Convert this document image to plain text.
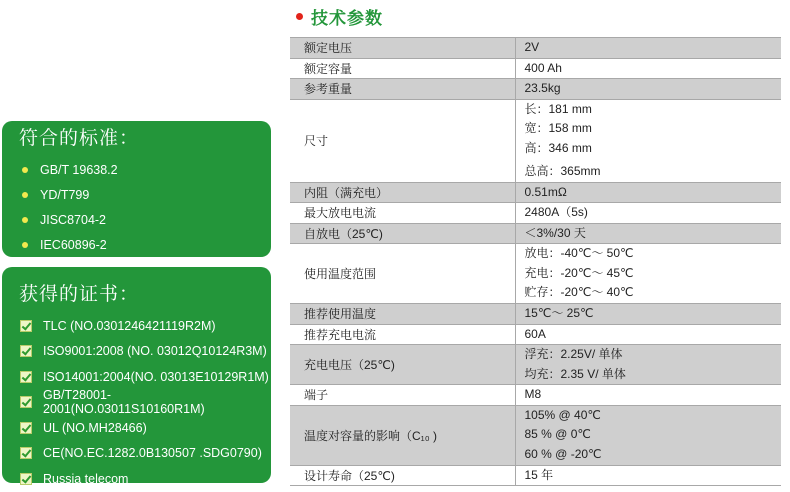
符合的标准：
GB/T 19638.2
YD/T799
JISC8704-2
IEC60896-2
获得的证书：
TLC (NO.0301246421119R2M)
ISO9001:2008 (NO. 03012Q10124R3M)
ISO14001:2004(NO. 03013E10129R1M)
GB/T28001-2001(NO.03011S10160R1M)
UL (NO.MH28466)
CE(NO.EC.1282.0B130507 .SDG0790)
Russia telecom
技术参数
额定电压	2V

额定容量	400 Ah

参考重量	23.5kg

尺寸	长：181 mm
宽：158 mm
高：346 mm
总高：365mm

内阻（满充电）	0.51mΩ

最大放电电流	2480A（5s)

自放电（25℃)	＜3%/30 天

使用温度范围	放电：-40℃～ 50℃
充电：-20℃～ 45℃
贮存：-20℃～ 40℃

推荐使用温度	15℃～ 25℃

推荐充电电流	60A

充电电压（25℃)	浮充：2.25V/ 单体
均充：2.35 V/ 单体

端子	M8

温度对容量的影响（C₁₀ )	105% @ 40℃
85 % @ 0℃
60 % @ -20℃

设计寿命（25℃)	15 年
